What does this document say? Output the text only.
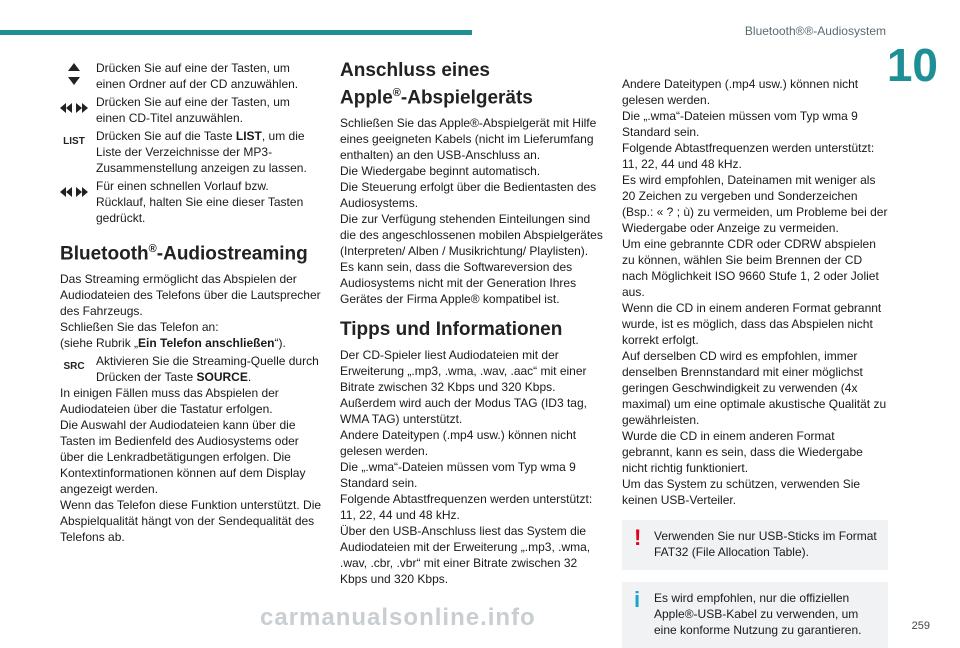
Bluetooth®®-Audiosystem
10

Drücken Sie auf eine der Tasten, um einen Ordner auf der CD anzuwählen.

Drücken Sie auf eine der Tasten, um einen CD-Titel anzuwählen.

LIST Drücken Sie auf die Taste LIST, um die Liste der Verzeichnisse der MP3-Zusammenstellung anzeigen zu lassen.

Für einen schnellen Vorlauf bzw. Rücklauf, halten Sie eine dieser Tasten gedrückt.

Bluetooth®-Audiostreaming

Das Streaming ermöglicht das Abspielen der Audiodateien des Telefons über die Lautsprecher des Fahrzeugs.

Schließen Sie das Telefon an:

(siehe Rubrik „Ein Telefon anschließen“).

SRC Aktivieren Sie die Streaming-Quelle durch Drücken der Taste SOURCE.

In einigen Fällen muss das Abspielen der Audiodateien über die Tastatur erfolgen.

Die Auswahl der Audiodateien kann über die Tasten im Bedienfeld des Audiosystems oder über die Lenkradbetätigungen erfolgen. Die Kontextinformationen können auf dem Display angezeigt werden.

Wenn das Telefon diese Funktion unterstützt. Die Abspielqualität hängt von der Sendequalität des Telefons ab.

Anschluss eines
Apple®-Abspielgeräts

Schließen Sie das Apple®-Abspielgerät mit Hilfe eines geeigneten Kabels (nicht im Lieferumfang enthalten) an den USB-Anschluss an.

Die Wiedergabe beginnt automatisch.

Die Steuerung erfolgt über die Bedientasten des Audiosystems.

Die zur Verfügung stehenden Einteilungen sind die des angeschlossenen mobilen Abspielgerätes (Interpreten/ Alben / Musikrichtung/ Playlisten).

Es kann sein, dass die Softwareversion des Audiosystems nicht mit der Generation Ihres Gerätes der Firma Apple® kompatibel ist.

Tipps und Informationen

Der CD-Spieler liest Audiodateien mit der Erweiterung „.mp3, .wma, .wav, .aac“ mit einer Bitrate zwischen 32 Kbps und 320 Kbps.

Außerdem wird auch der Modus TAG (ID3 tag, WMA TAG) unterstützt.

Andere Dateitypen (.mp4 usw.) können nicht gelesen werden.

Die „.wma“-Dateien müssen vom Typ wma 9 Standard sein.

Folgende Abtastfrequenzen werden unterstützt: 11, 22, 44 und 48 kHz.

Über den USB-Anschluss liest das System die Audiodateien mit der Erweiterung „.mp3, .wma, .wav, .cbr, .vbr“ mit einer Bitrate zwischen 32 Kbps und 320 Kbps.

Andere Dateitypen (.mp4 usw.) können nicht gelesen werden.

Die „.wma“-Dateien müssen vom Typ wma 9 Standard sein.

Folgende Abtastfrequenzen werden unterstützt: 11, 22, 44 und 48 kHz.

Es wird empfohlen, Dateinamen mit weniger als 20 Zeichen zu vergeben und Sonderzeichen (Bsp.: « ? ; ù) zu vermeiden, um Probleme bei der Wiedergabe oder Anzeige zu vermeiden.

Um eine gebrannte CDR oder CDRW abspielen zu können, wählen Sie beim Brennen der CD nach Möglichkeit ISO 9660 Stufe 1, 2 oder Joliet aus.

Wenn die CD in einem anderen Format gebrannt wurde, ist es möglich, dass das Abspielen nicht korrekt erfolgt.

Auf derselben CD wird es empfohlen, immer denselben Brennstandard mit einer möglichst geringen Geschwindigkeit zu verwenden (4x maximal) um eine optimale akustische Qualität zu gewährleisten.

Wurde die CD in einem anderen Format gebrannt, kann es sein, dass die Wiedergabe nicht richtig funktioniert.

Um das System zu schützen, verwenden Sie keinen USB-Verteiler.

! Verwenden Sie nur USB-Sticks im Format FAT32 (File Allocation Table).

i Es wird empfohlen, nur die offiziellen Apple®-USB-Kabel zu verwenden, um eine konforme Nutzung zu garantieren.

carmanualsonline.info	259
